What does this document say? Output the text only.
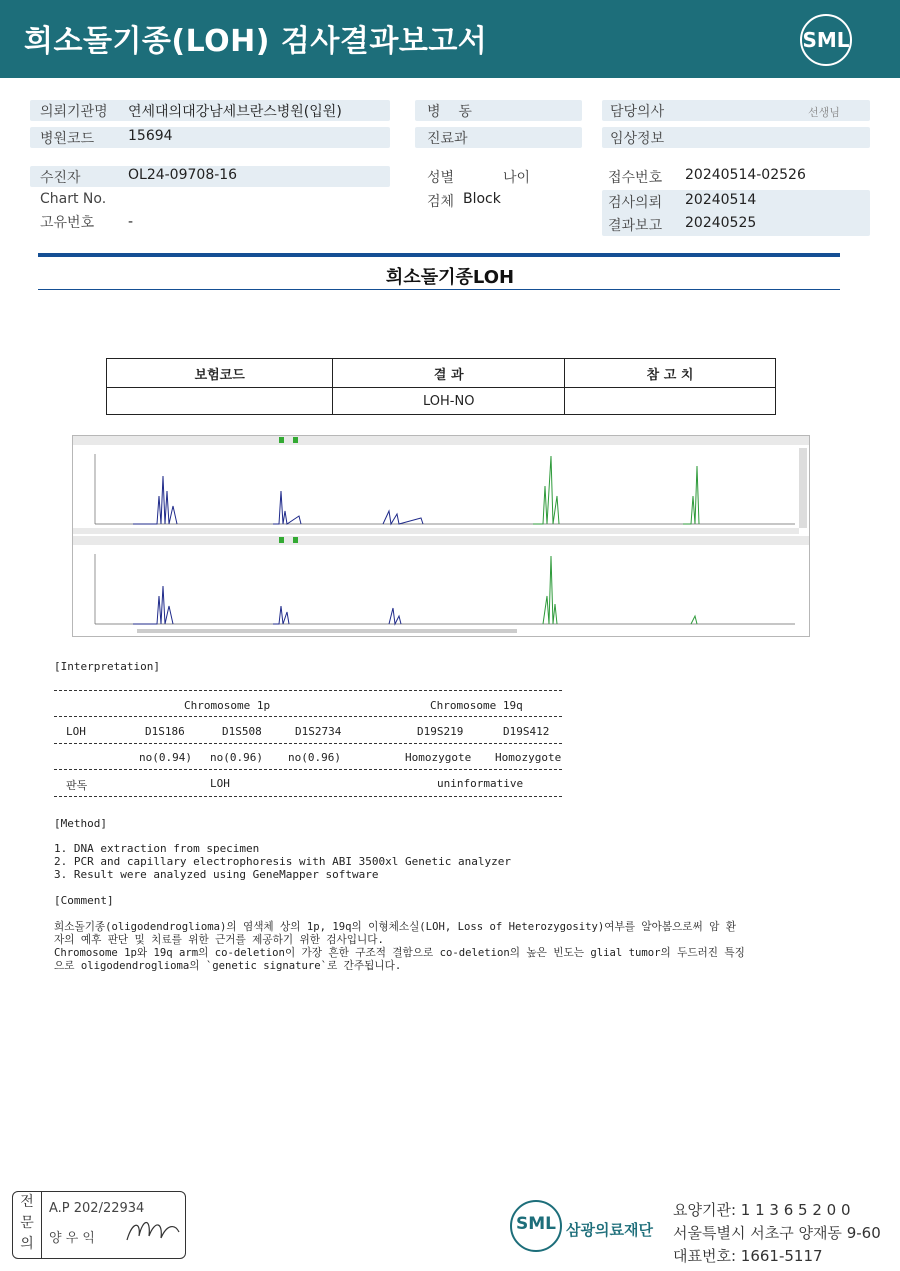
희소돌기종(LOH) 검사결과보고서	SML
의뢰기관명 연세대의대강남세브란스병원(입원)
병원코드 15694
병    동
진료과
담당의사	선생님
임상정보
수진자	OL24-09708-16
Chart No.
고유번호 -
성별	나이
검체 Block
접수번호 20240514-02526
검사의뢰 20240514
결과보고 20240525
희소돌기종LOH
보험코드	결 과	참 고 치
	LOH-NO	
[Interpretation]
Chromosome 1p	Chromosome 19q
LOH	D1S186	D1S508	D1S2734	D19S219	D19S412
no(0.94) no(0.96) no(0.96)	Homozygote Homozygote
판독	LOH	uninformative
[Method]
1. DNA extraction from specimen
2. PCR and capillary electrophoresis with ABI 3500xl Genetic analyzer
3. Result were analyzed using GeneMapper software
[Comment]
희소돌기종(oligodendroglioma)의 염색체 상의 1p, 19q의 이형체소실(LOH, Loss of Heterozygosity)여부를 알아봄으로써 암 환
자의 예후 판단 및 치료를 위한 근거를 제공하기 위한 검사입니다.
Chromosome 1p와 19q arm의 co-deletion이 가장 흔한 구조적 결함으로 co-deletion의 높은 빈도는 glial tumor의 두드러진 특징
으로 oligodendroglioma의 `genetic signature`로 간주됩니다.
전
문
의
A.P 202/22934
양 우 익
SML 삼광의료재단
요양기관: 1 1 3 6 5 2 0 0
서울특별시 서초구 양재동 9-60
대표번호: 1661-5117
